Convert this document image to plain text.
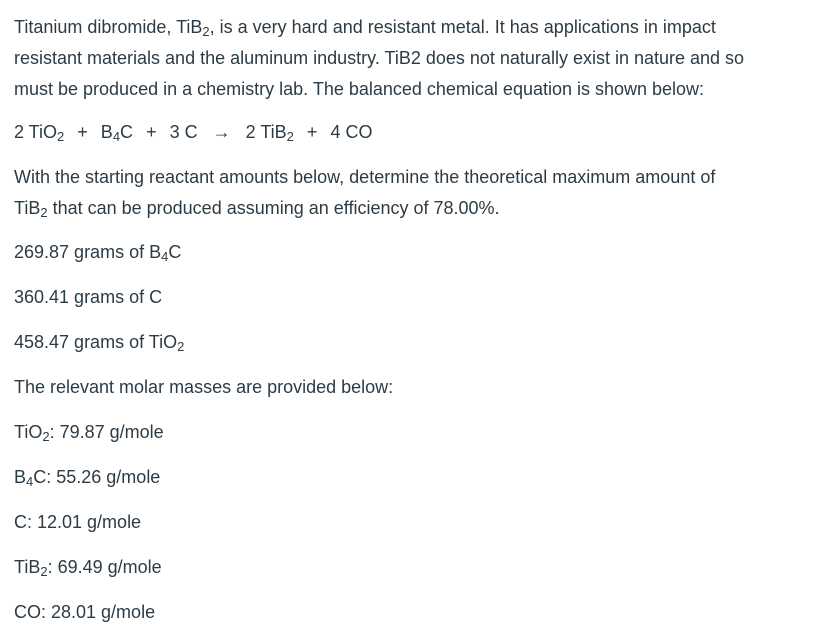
Titanium dibromide, TiB$_2$, is a very hard and resistant metal. It has applications in impact
resistant materials and the aluminum industry. TiB2 does not naturally exist in nature and so
must be produced in a chemistry lab. The balanced chemical equation is shown below:
2 $TiO_2 + B_4C + 3$ C → 2 TiB$_2$ + 4 CO
With the starting reactant amounts below, determine the theoretical maximum amount of
TiB$_2$ that can be produced assuming an efficiency of 78.00%.
269.87 grams of $B_4C$
360.41 grams of C
458.47 grams of TiO$_2$
The relevant molar masses are provided below:
TiO$_2$: 79.87 g/mole
$B_4C$: 55.26 g/mole
C: 12.01 g/mole
TiB$_2$: 69.49 g/mole
CO: 28.01 g/mole
